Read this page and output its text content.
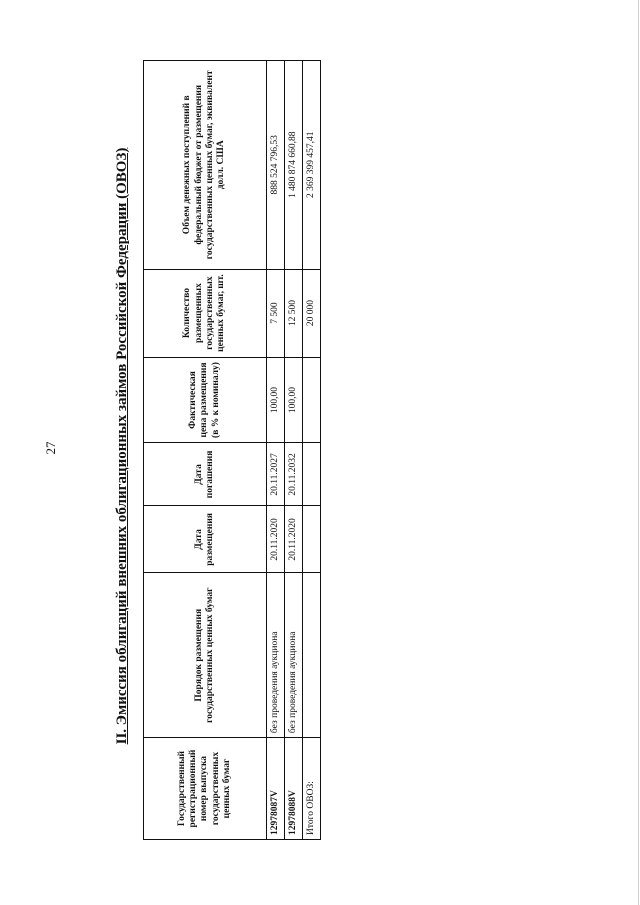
27	II. Эмиссия облигаций внешних облигационных займов Российской Федерации (ОВОЗ)
Государственный регистрационный номер выпуска государственных ценных бумаг	Порядок размещения государственных ценных бумаг	Дата размещения	Дата погашения	Фактическая цена размещения (в % к номиналу)	Количество размещенных государственных ценных бумаг, шт.	Объем денежных поступлений в федеральный бюджет от размещения государственных ценных бумаг, эквивалент долл. США
12978087V	без проведения аукциона	20.11.2020	20.11.2027	100,00	7 500	888 524 796,53
12978088V	без проведения аукциона	20.11.2020	20.11.2032	100,00	12 500	1 480 874 660,88
Итого ОВОЗ:					20 000	2 369 399 457,41
